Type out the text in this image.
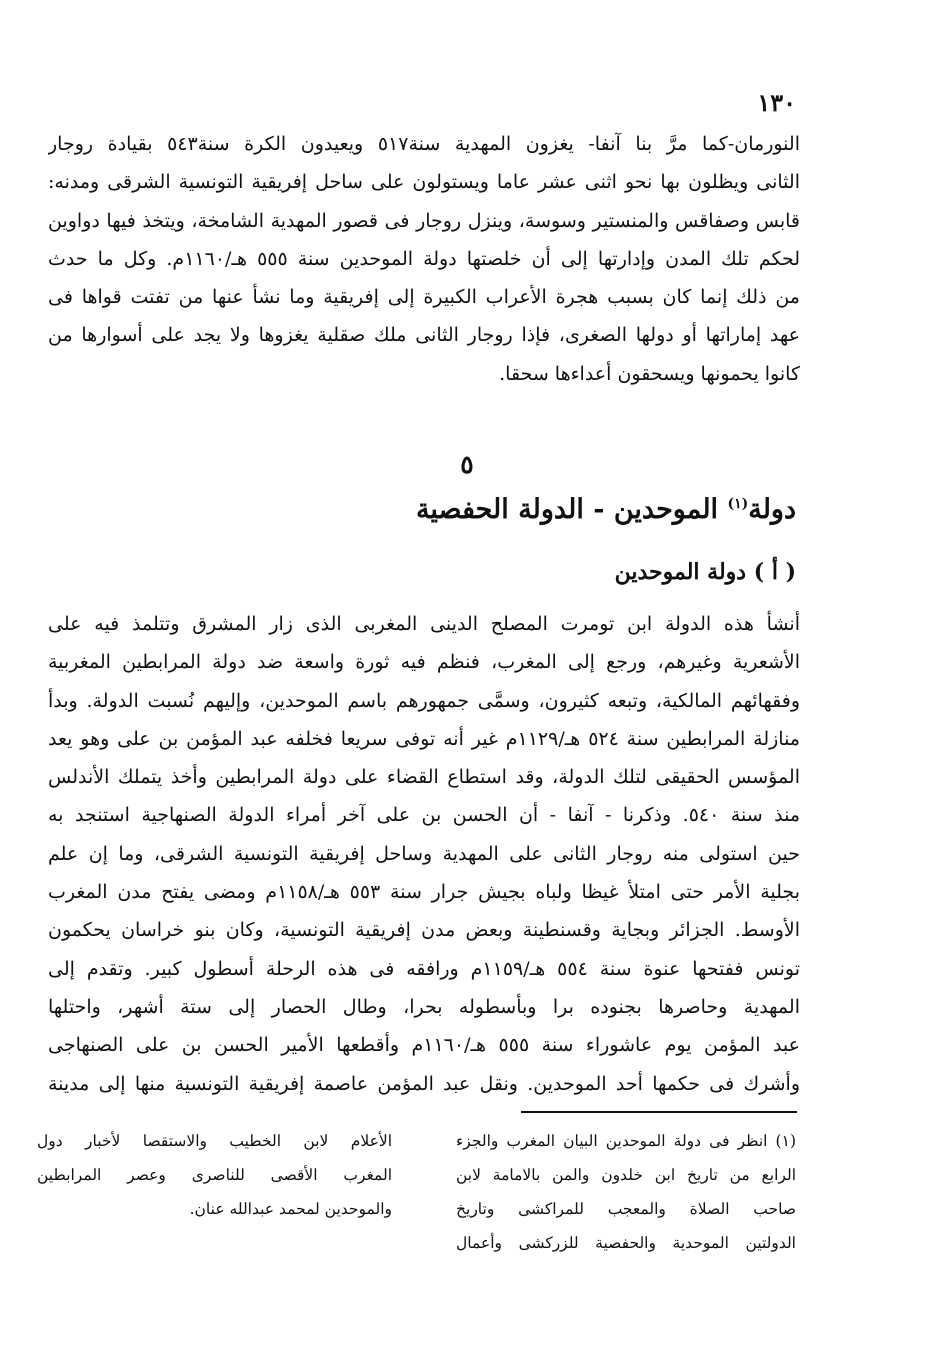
١٣٠
النورمان-كما مرَّ بنا آنفا- يغزون المهدية سنة٥١٧ ويعيدون الكرة سنة٥٤٣ بقيادة روجار
الثانى ويظلون بها نحو اثنى عشر عاما ويستولون على ساحل إفريقية التونسية الشرقى ومدنه:
قابس وصفاقس والمنستير وسوسة، وينزل روجار فى قصور المهدية الشامخة، ويتخذ فيها دواوين
لحكم تلك المدن وإدارتها إلى أن خلصتها دولة الموحدين سنة ٥٥٥ هـ/١١٦٠م. وكل ما حدث
من ذلك إنما كان بسبب هجرة الأعراب الكبيرة إلى إفريقية وما نشأ عنها من تفتت قواها فى
عهد إماراتها أو دولها الصغرى، فإذا روجار الثانى ملك صقلية يغزوها ولا يجد على أسوارها من
كانوا يحمونها ويسحقون أعداءها سحقا.
٥
دولة$^{(١)}$ الموحدين - الدولة الحفصية
( أ ) دولة الموحدين
أنشأ هذه الدولة ابن تومرت المصلح الدينى المغربى الذى زار المشرق وتتلمذ فيه على
الأشعرية وغيرهم، ورجع إلى المغرب، فنظم فيه ثورة واسعة ضد دولة المرابطين المغربية
وفقهائهم المالكية، وتبعه كثيرون، وسمَّى جمهورهم باسم الموحدين، وإليهم نُسبت الدولة. وبدأ
منازلة المرابطين سنة ٥٢٤ هـ/١١٢٩م غير أنه توفى سريعا فخلفه عبد المؤمن بن على وهو يعد
المؤسس الحقيقى لتلك الدولة، وقد استطاع القضاء على دولة المرابطين وأخذ يتملك الأندلس
منذ سنة ٥٤٠. وذكرنا - آنفا - أن الحسن بن على آخر أمراء الدولة الصنهاجية استنجد به
حين استولى منه روجار الثانى على المهدية وساحل إفريقية التونسية الشرقى، وما إن علم
بجلية الأمر حتى امتلأ غيظا ولباه بجيش جرار سنة ٥٥٣ هـ/١١٥٨م ومضى يفتح مدن المغرب
الأوسط. الجزائر وبجاية وقسنطينة وبعض مدن إفريقية التونسية، وكان بنو خراسان يحكمون
تونس ففتحها عنوة سنة ٥٥٤ هـ/١١٥٩م ورافقه فى هذه الرحلة أسطول كبير. وتقدم إلى
المهدية وحاصرها بجنوده برا وبأسطوله بحرا، وطال الحصار إلى ستة أشهر، واحتلها
عبد المؤمن يوم عاشوراء سنة ٥٥٥ هـ/١١٦٠م وأقطعها الأمير الحسن بن على الصنهاجى
وأشرك فى حكمها أحد الموحدين. ونقل عبد المؤمن عاصمة إفريقية التونسية منها إلى مدينة
(١) انظر فى دولة الموحدين البيان المغرب والجزء
الرابع من تاريخ ابن خلدون والمن بالامامة لابن
صاحب الصلاة والمعجب للمراكشى وتاريخ
الدولتين الموحدية والحفصية للزركشى وأعمال
الأعلام لابن الخطيب والاستقصا لأخبار دول
المغرب الأقصى للناصرى وعصر المرابطين
والموحدين لمحمد عبدالله عنان.
